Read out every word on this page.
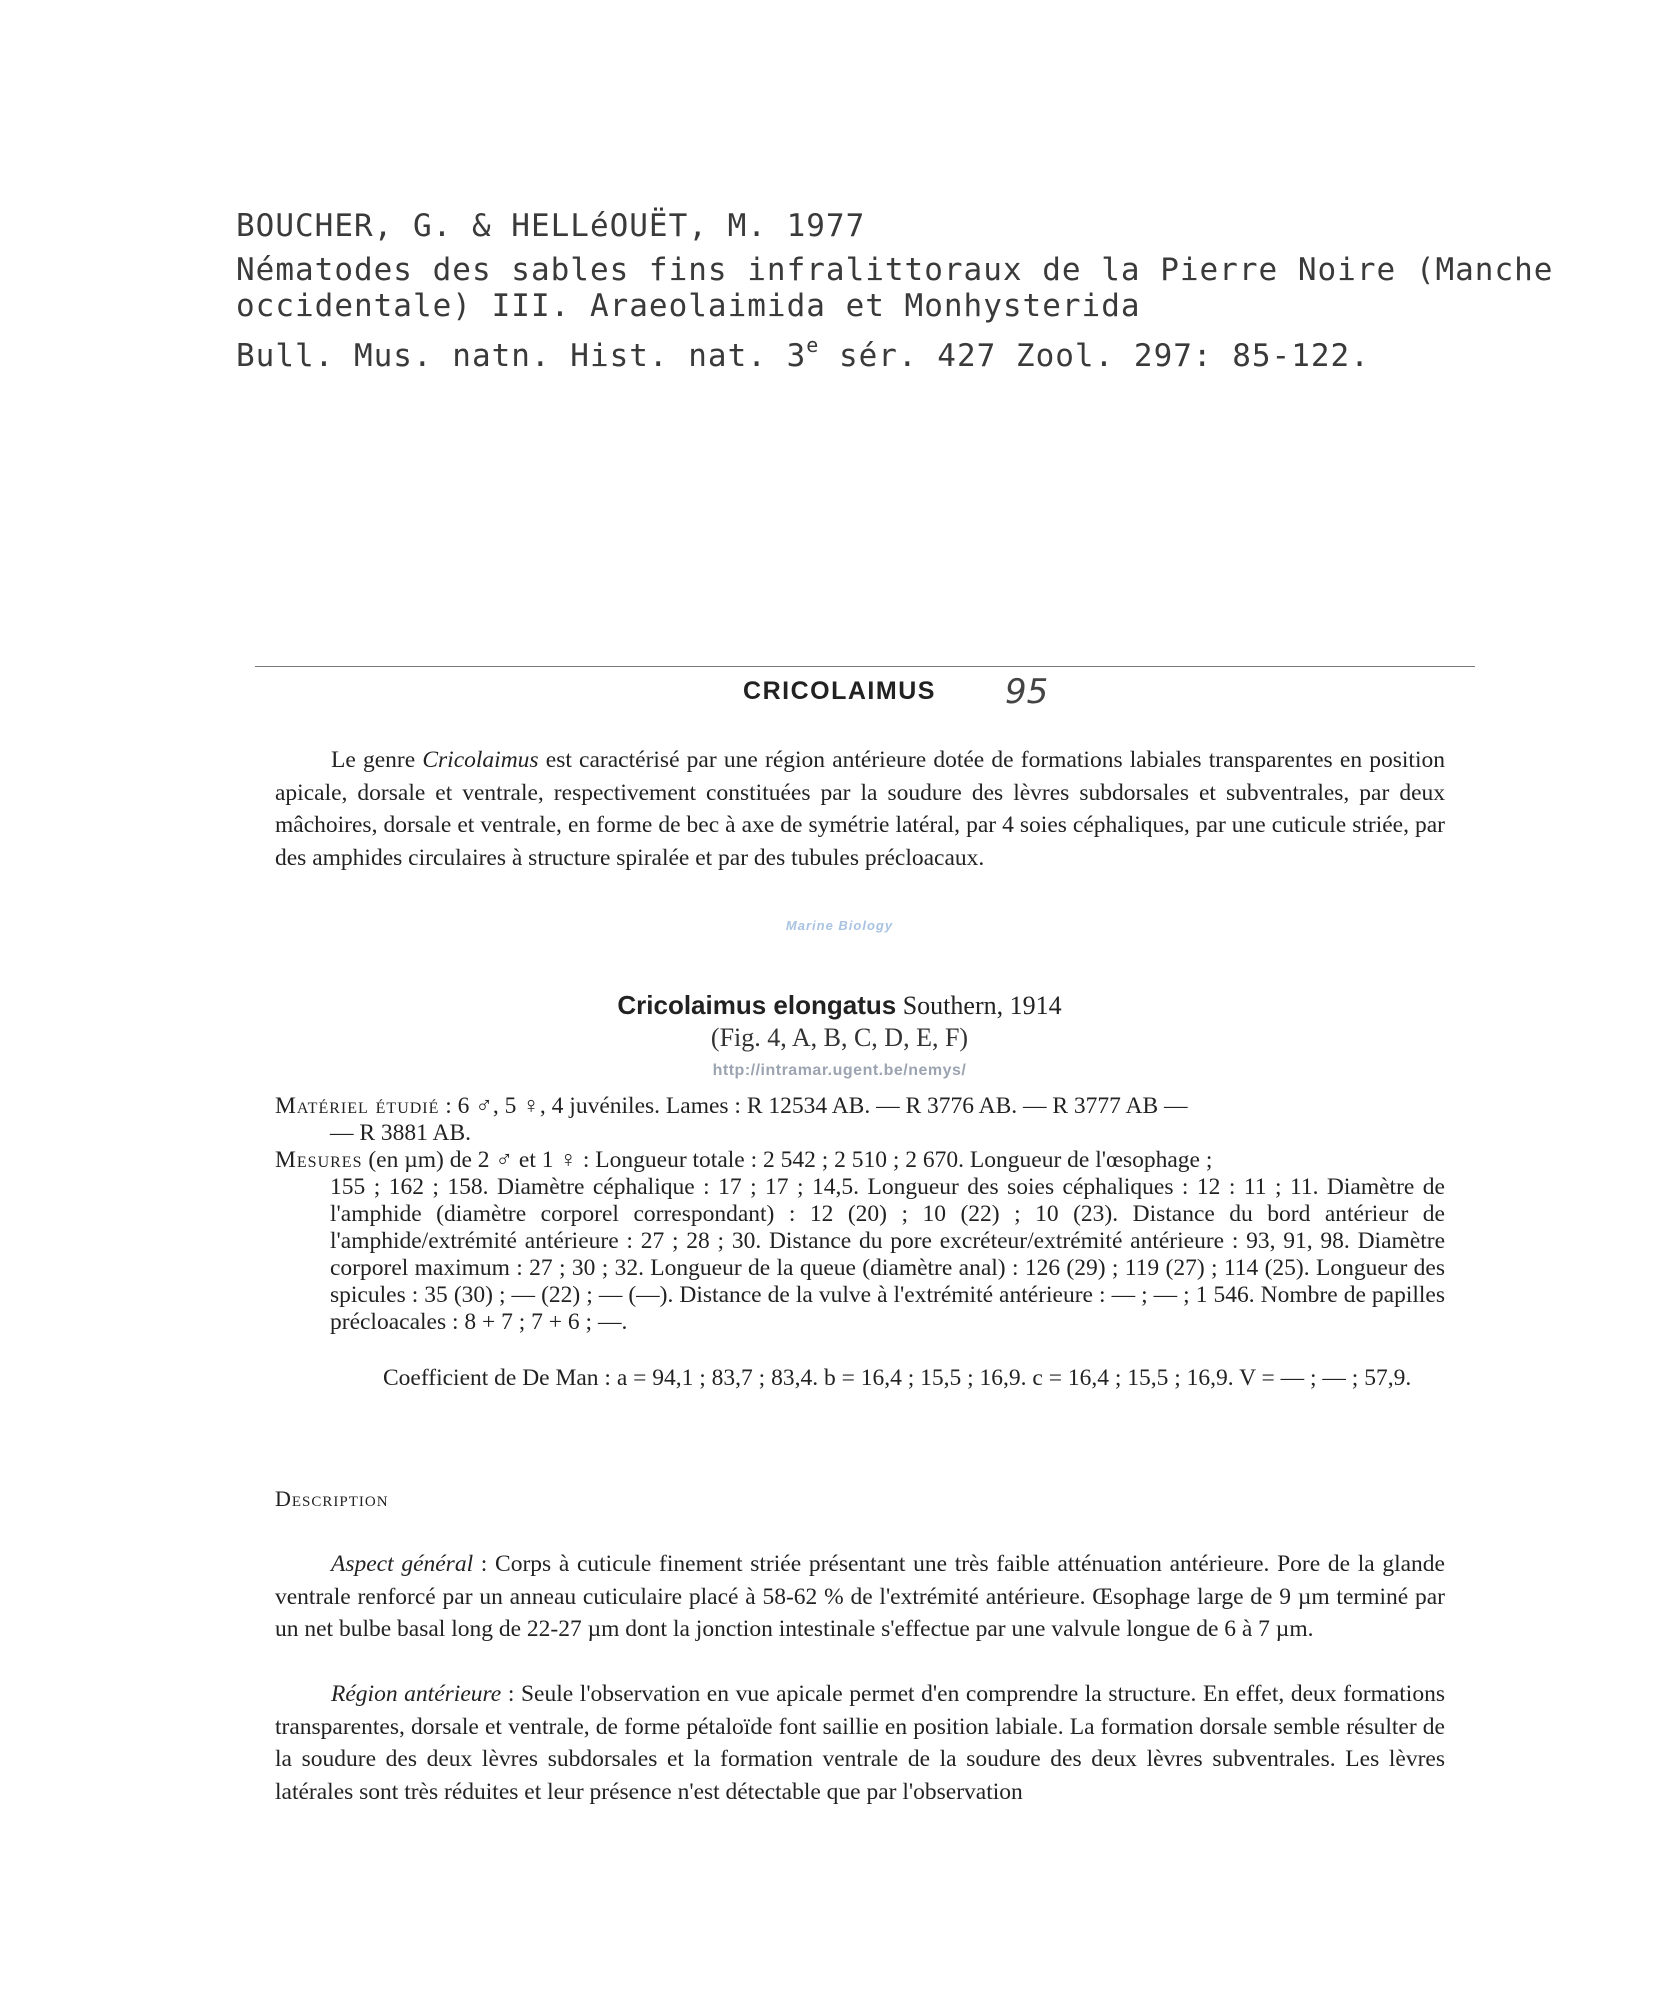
BOUCHER, G. & HELLéOUËT, M. 1977
Nématodes des sables fins infralittoraux de la Pierre Noire (Manche
occidentale) III. Araeolaimida et Monhysterida
Bull. Mus. natn. Hist. nat. 3e sér. 427 Zool. 297: 85-122.
CRICOLAIMUS	95
Le genre Cricolaimus est caractérisé par une région antérieure dotée de formations labiales transparentes en position apicale, dorsale et ventrale, respectivement constituées par la soudure des lèvres subdorsales et subventrales, par deux mâchoires, dorsale et ventrale, en forme de bec à axe de symétrie latéral, par 4 soies céphaliques, par une cuticule striée, par des amphides circulaires à structure spiralée et par des tubules précloacaux.
Marine Biology
Cricolaimus elongatus Southern, 1914
(Fig. 4, A, B, C, D, E, F)
http://intramar.ugent.be/nemys/
Matériel étudié : 6 ♂, 5 ♀, 4 juvéniles. Lames : R 12534 AB. — R 3776 AB. — R 3777 AB —
— R 3881 AB.
Mesures (en µm) de 2 ♂ et 1 ♀ : Longueur totale : 2 542 ; 2 510 ; 2 670. Longueur de l'œsophage ;
155 ; 162 ; 158. Diamètre céphalique : 17 ; 17 ; 14,5. Longueur des soies céphaliques : 12 : 11 ; 11. Diamètre de l'amphide (diamètre corporel correspondant) : 12 (20) ; 10 (22) ; 10 (23). Distance du bord antérieur de l'amphide/extrémité antérieure : 27 ; 28 ; 30. Distance du pore excréteur/extrémité antérieure : 93, 91, 98. Diamètre corporel maximum : 27 ; 30 ; 32. Longueur de la queue (diamètre anal) : 126 (29) ; 119 (27) ; 114 (25). Longueur des spicules : 35 (30) ; — (22) ; — (—). Distance de la vulve à l'extrémité antérieure : — ; — ; 1 546. Nombre de papilles précloacales : 8 + 7 ; 7 + 6 ; —.
Coefficient de De Man : a = 94,1 ; 83,7 ; 83,4. b = 16,4 ; 15,5 ; 16,9. c = 16,4 ; 15,5 ; 16,9. V = — ; — ; 57,9.
Description
Aspect général : Corps à cuticule finement striée présentant une très faible atténuation antérieure. Pore de la glande ventrale renforcé par un anneau cuticulaire placé à 58-62 % de l'extrémité antérieure. Œsophage large de 9 µm terminé par un net bulbe basal long de 22-27 µm dont la jonction intestinale s'effectue par une valvule longue de 6 à 7 µm.
Région antérieure : Seule l'observation en vue apicale permet d'en comprendre la structure. En effet, deux formations transparentes, dorsale et ventrale, de forme pétaloïde font saillie en position labiale. La formation dorsale semble résulter de la soudure des deux lèvres subdorsales et la formation ventrale de la soudure des deux lèvres subventrales. Les lèvres latérales sont très réduites et leur présence n'est détectable que par l'observation
